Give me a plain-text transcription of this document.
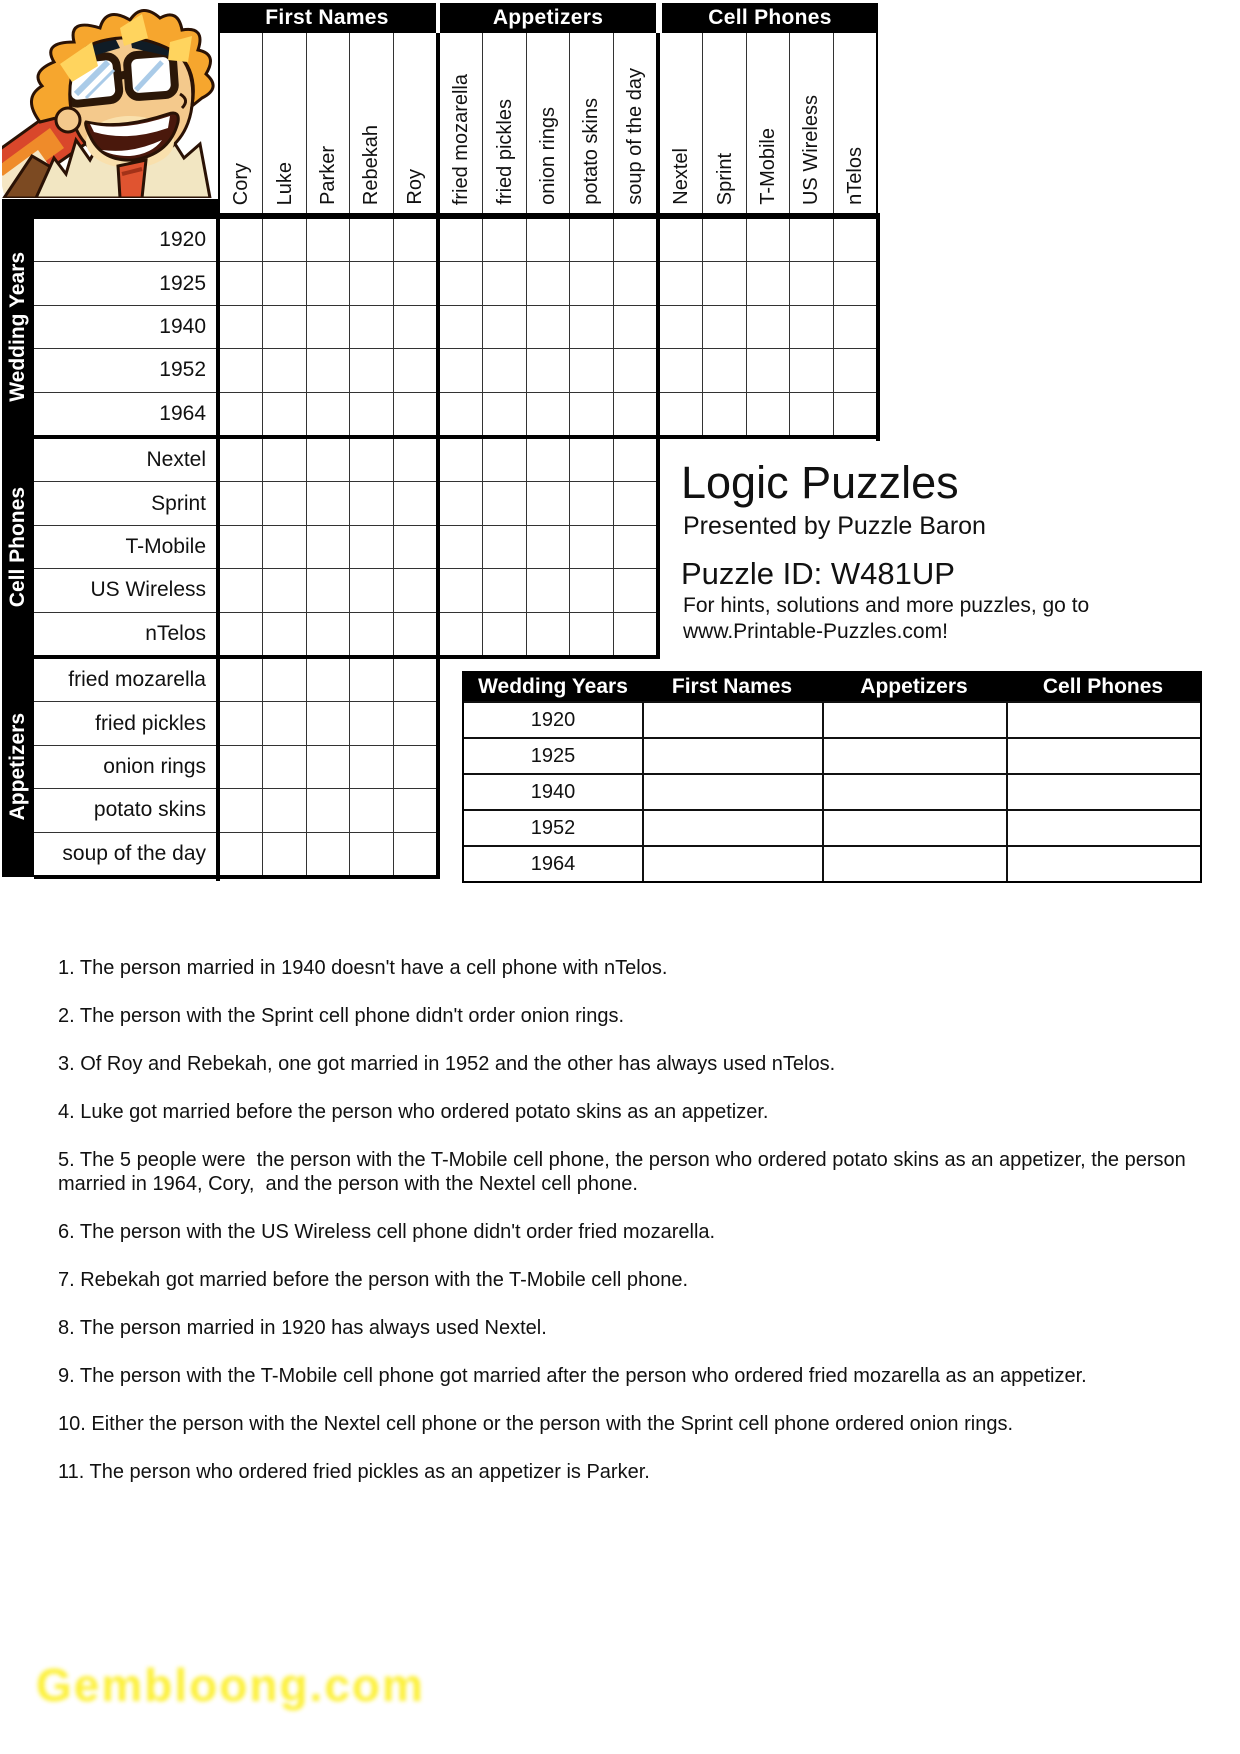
Logic Puzzles
Presented by Puzzle Baron
Puzzle ID: W481UP
For hints, solutions and more puzzles, go to
www.Printable-Puzzles.com!
Wedding Years	First Names	Appetizers	Cell Phones
1920
1925
1940
1952
1964
1. The person married in 1940 doesn't have a cell phone with nTelos.
2. The person with the Sprint cell phone didn't order onion rings.
3. Of Roy and Rebekah, one got married in 1952 and the other has always used nTelos.
4. Luke got married before the person who ordered potato skins as an appetizer.
5. The 5 people were  the person with the T-Mobile cell phone, the person who ordered potato skins as an appetizer, the person married in 1964, Cory,  and the person with the Nextel cell phone.
6. The person with the US Wireless cell phone didn't order fried mozarella.
7. Rebekah got married before the person with the T-Mobile cell phone.
8. The person married in 1920 has always used Nextel.
9. The person with the T-Mobile cell phone got married after the person who ordered fried mozarella as an appetizer.
10. Either the person with the Nextel cell phone or the person with the Sprint cell phone ordered onion rings.
11. The person who ordered fried pickles as an appetizer is Parker.
Gembloong.com
First Names
Cory Luke Parker Rebekah Roy
Appetizers
fried mozarella fried pickles onion rings potato skins soup of the day
Cell Phones
Nextel Sprint T-Mobile US Wireless nTelos
Wedding Years
1920
1925
1940
1952
1964
Cell Phones
Nextel
Sprint
T-Mobile
US Wireless
nTelos
Appetizers
fried mozarella
fried pickles
onion rings
potato skins
soup of the day
